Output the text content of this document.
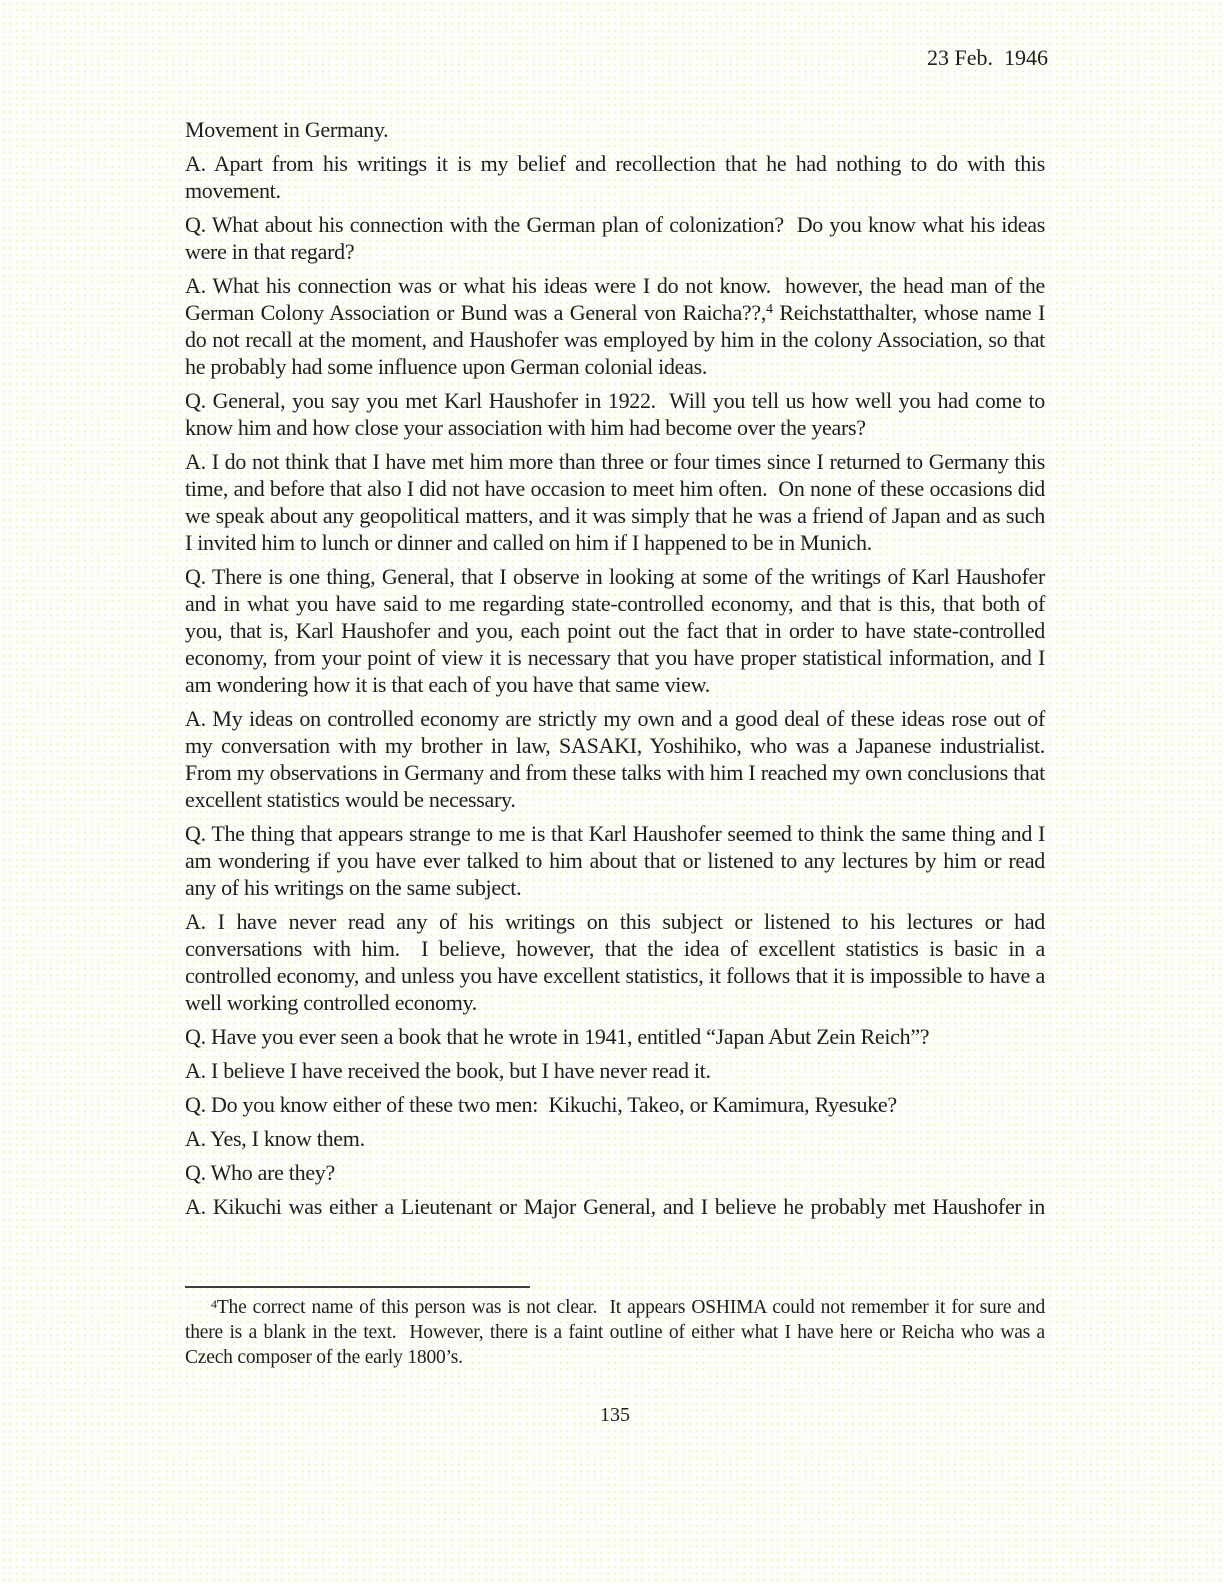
23 Feb.  1946

Movement in Germany.

A. Apart from his writings it is my belief and recollection that he had nothing to do with this movement.

Q. What about his connection with the German plan of colonization?  Do you know what his ideas were in that regard?

A. What his connection was or what his ideas were I do not know.  however, the head man of the German Colony Association or Bund was a General von Raicha??,$^4$ Reichstatthalter, whose name I do not recall at the moment, and Haushofer was employed by him in the colony Association, so that he probably had some influence upon German colonial ideas.

Q. General, you say you met Karl Haushofer in 1922.  Will you tell us how well you had come to know him and how close your association with him had become over the years?

A. I do not think that I have met him more than three or four times since I returned to Germany this time, and before that also I did not have occasion to meet him often.  On none of these occasions did we speak about any geopolitical matters, and it was simply that he was a friend of Japan and as such I invited him to lunch or dinner and called on him if I happened to be in Munich.

Q. There is one thing, General, that I observe in looking at some of the writings of Karl Haushofer and in what you have said to me regarding state-controlled economy, and that is this, that both of you, that is, Karl Haushofer and you, each point out the fact that in order to have state-controlled economy, from your point of view it is necessary that you have proper statistical information, and I am wondering how it is that each of you have that same view.

A. My ideas on controlled economy are strictly my own and a good deal of these ideas rose out of my conversation with my brother in law, SASAKI, Yoshihiko, who was a Japanese industrialist.  From my observations in Germany and from these talks with him I reached my own conclusions that excellent statistics would be necessary.

Q. The thing that appears strange to me is that Karl Haushofer seemed to think the same thing and I am wondering if you have ever talked to him about that or listened to any lectures by him or read any of his writings on the same subject.

A. I have never read any of his writings on this subject or listened to his lectures or had conversations with him.  I believe, however, that the idea of excellent statistics is basic in a controlled economy, and unless you have excellent statistics, it follows that it is impossible to have a well working controlled economy.

Q. Have you ever seen a book that he wrote in 1941, entitled “Japan Abut Zein Reich”?

A. I believe I have received the book, but I have never read it.

Q. Do you know either of these two men:  Kikuchi, Takeo, or Kamimura, Ryesuke?

A. Yes, I know them.

Q. Who are they?

A. Kikuchi was either a Lieutenant or Major General, and I believe he probably met Haushofer in

$^4$The correct name of this person was is not clear.  It appears OSHIMA could not remember it for sure and there is a blank in the text.  However, there is a faint outline of either what I have here or Reicha who was a Czech composer of the early 1800’s.
135
